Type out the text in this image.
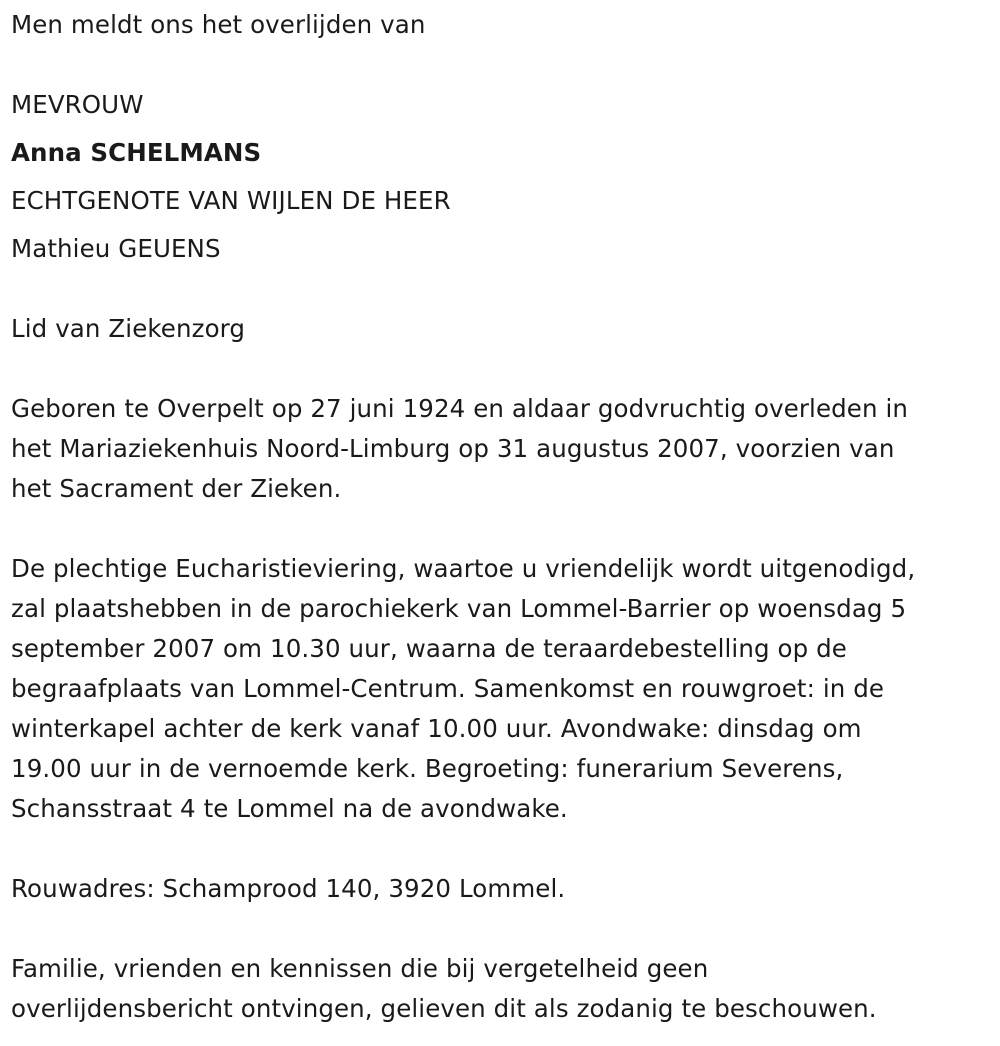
Men meldt ons het overlijden van
MEVROUW
Anna SCHELMANS
ECHTGENOTE VAN WIJLEN DE HEER
Mathieu GEUENS
Lid van Ziekenzorg
Geboren te Overpelt op 27 juni 1924 en aldaar godvruchtig overleden in
het Mariaziekenhuis Noord-Limburg op 31 augustus 2007, voorzien van
het Sacrament der Zieken.
De plechtige Eucharistieviering, waartoe u vriendelijk wordt uitgenodigd,
zal plaatshebben in de parochiekerk van Lommel-Barrier op woensdag 5
september 2007 om 10.30 uur, waarna de teraardebestelling op de
begraafplaats van Lommel-Centrum. Samenkomst en rouwgroet: in de
winterkapel achter de kerk vanaf 10.00 uur. Avondwake: dinsdag om
19.00 uur in de vernoemde kerk. Begroeting: funerarium Severens,
Schansstraat 4 te Lommel na de avondwake.
Rouwadres: Schamprood 140, 3920 Lommel.
Familie, vrienden en kennissen die bij vergetelheid geen
overlijdensbericht ontvingen, gelieven dit als zodanig te beschouwen.
